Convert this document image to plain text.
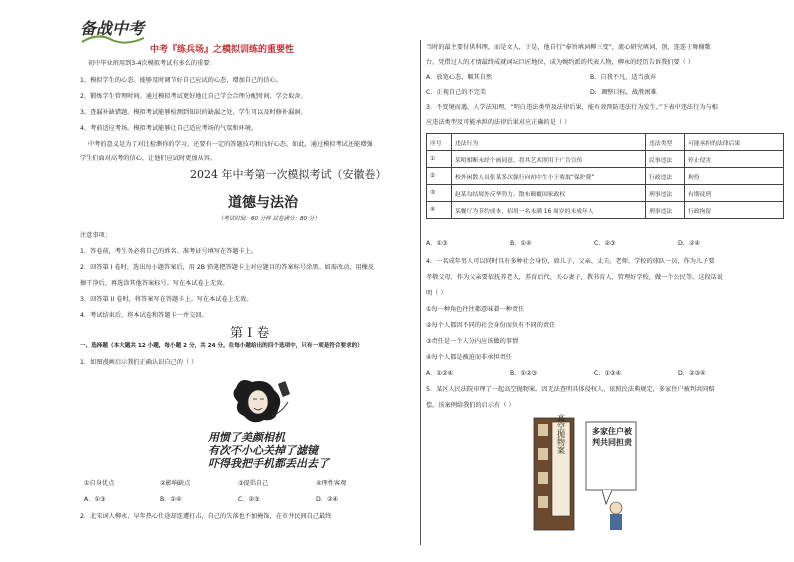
备战中考
中考『练兵场』之模拟训练的重要性
初中毕业班用到3-4次模拟考试有多么的重要：
1、模拟学生的心态。能够及时调节好自己应试的心态，增加自己的信心。
2、锻炼学生管理时间。通过模拟考试更好地让自己学会合理分配时间，学会取舍。
3、查漏补缺错题。模拟考试能够检测到知识的缺漏之处，学生可以及时修补漏洞。
4、考前适应考场。模拟考试能够让自己适应考场的气氛和环境。
中考的意义是为了对比检测你的学习，还要有一定的答题技巧和良好心态。如此，通过模拟考试还能增强
学生们面对高考的信心，让他们应试时更加从容。
2024 年中考第一次模拟考试（安徽卷）
道德与法治
（考试时间：60 分钟 试卷满分：80 分）
注意事项：
1．答卷前，考生务必将自己的姓名、准考证号填写在答题卡上。
2．回答第 I 卷时，选出每小题答案后，用 2B 铅笔把答题卡上对应题目的答案标号涂黑。如需改动，用橡皮
擦干净后，再选涂其他答案标号。写在本试卷上无效。
3．回答第 II 卷时，将答案写在答题卡上。写在本试卷上无效。
4．考试结束后，将本试卷和答题卡一并交回。
第 I 卷
一、选择题（本大题共 12 小题，每小题 2 分，共 24 分。在每小题给出的四个选项中，只有一项是符合要求的）
1．如图漫画启示我们正确认识自己的（ ）
用惯了美颜相机
有次不小心关掉了滤镜
吓得我把手机都丢出去了
①自身优点	②影响缺点	③提倡自己	④理性客观
A．①③	B．①④	C．②③	D．②④
2．北宋词人柳永，早年热心仕途却连遭打击，自己的失落也不加掩饰，在市井民间自己最终
当时的最主要付供科理，而是文人，于是，他自行“奉旨填词柳三变”，流心研究填词、创，连连于舞榭歌
台，凭借过人的才情最终成就词坛巨匠地位，成为婉约派的代表人物，柳永的经历告诉我们要（ ）
A．放宽心态，顺其自然	B．自我不凡，适当放弃
C．正视自己的不完美	D．调整目标，战胜困难
3．不变境而遇，人学法知理，“明白违法类型及法律后果，能有效预防违法行为发生。”下表中违法行为与相
应违法类型及可能承担的法律后果对应正确的是（ ）
序号	违法行为	违法类型	可能承担的法律后果
①	某明相断未经个画同意，将其艺术照用于广告宣传	民事违法	停止侵害
②	校外闲散人员张某多次强行向初中生小王收取“保护费”	行政违法	拘役
③	赵某勾结境外反华势力，散布颠覆国家政权	刑事违法	有期徒刑
④	某餐厅为节约成本，招用一名未满 16 周岁的未成年人	刑事违法	行政拘留
A．①③	B．①④	C．②③	D．②④
4．一名成年男人可以同时具有多种社会身份，如儿子、父亲、丈夫、老师、学校的球队一员，作为儿子要
孝敬父母，作为父亲要依抚养老人，养育后代、关心妻子，教书育人，管理好学校，做一个公民等。这段话说
明（ ）
①每一种角色往往都意味着一种责任
②每个人都因不同的社会身份而负有不同的责任
③责任是一个人分内应该做的事情
④每个人都是被迫而非承担责任
A．①②④	B．①②③	C．①③④	D．②③④
5．某区人民法院审理了一起高空抛物案。因无法查明具体侵权人，依照民法典规定，多家住户被判共同赔
偿。该案例给我们的启示有（ ）
高空抛物案	多家住户被判共同担责
